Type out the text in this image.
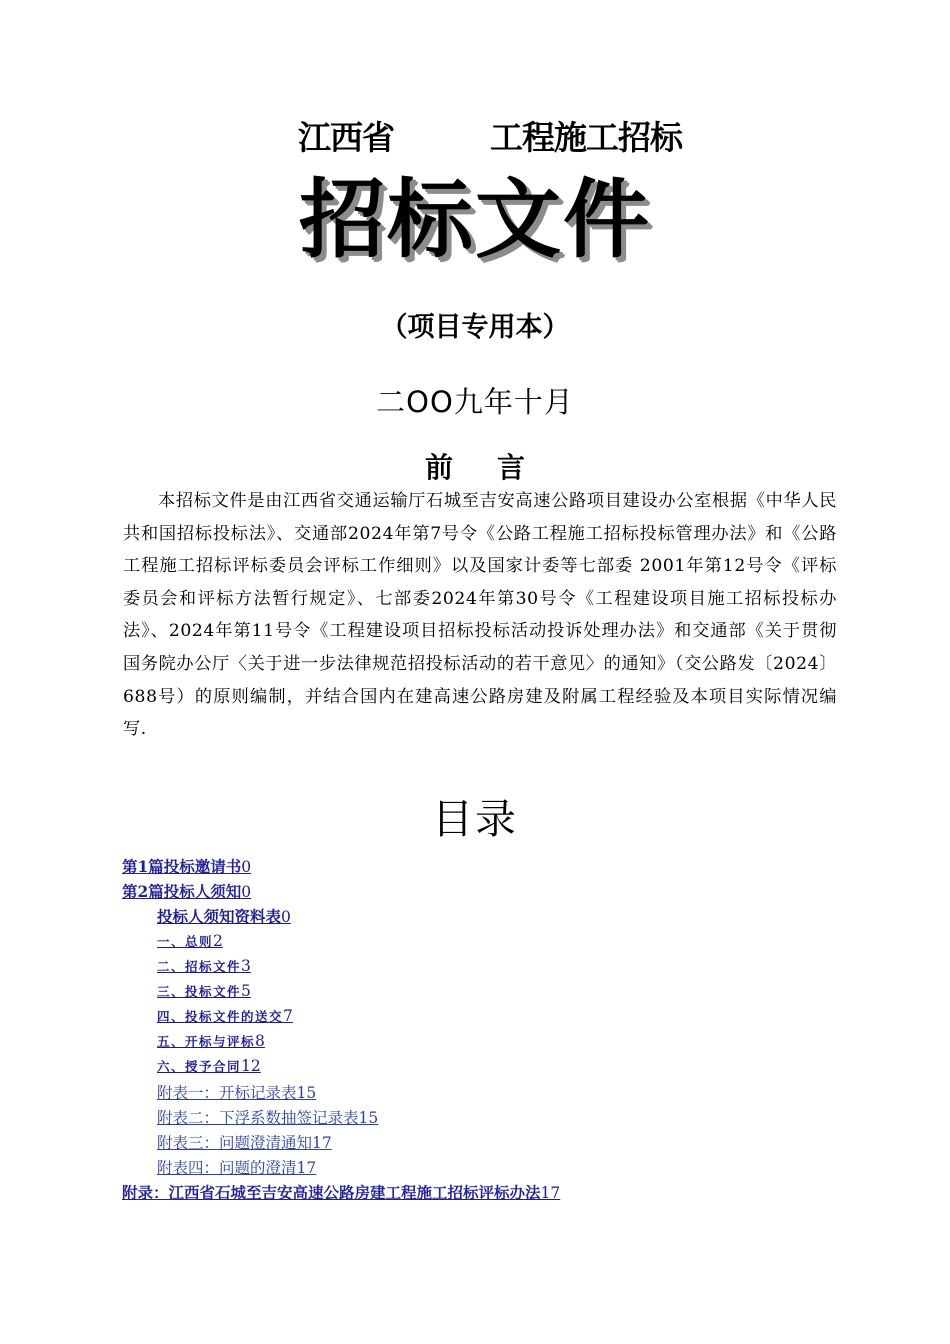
江西省	工程施工招标
招标文件
（项目专用本）
二OO九年十月
前言
本招标文件是由江西省交通运输厅石城至吉安高速公路项目建设办公室根据《中华人民共和国招标投标法》、交通部2024年第7号令《公路工程施工招标投标管理办法》和《公路工程施工招标评标委员会评标工作细则》以及国家计委等七部委 2001年第12号令《评标委员会和评标方法暂行规定》、七部委2024年第30号令《工程建设项目施工招标投标办法》、2024年第11号令《工程建设项目招标投标活动投诉处理办法》和交通部《关于贯彻国务院办公厅〈关于进一步法律规范招投标活动的若干意见〉的通知》（交公路发〔2024〕688号）的原则编制，并结合国内在建高速公路房建及附属工程经验及本项目实际情况编写.
目录
第1篇投标邀请书0
第2篇投标人须知0
投标人须知资料表0
一、总则2
二、招标文件3
三、投标文件5
四、投标文件的送交7
五、开标与评标8
六、授予合同12
附表一：开标记录表15
附表二：下浮系数抽签记录表15
附表三：问题澄清通知17
附表四：问题的澄清17
附录：江西省石城至吉安高速公路房建工程施工招标评标办法17
